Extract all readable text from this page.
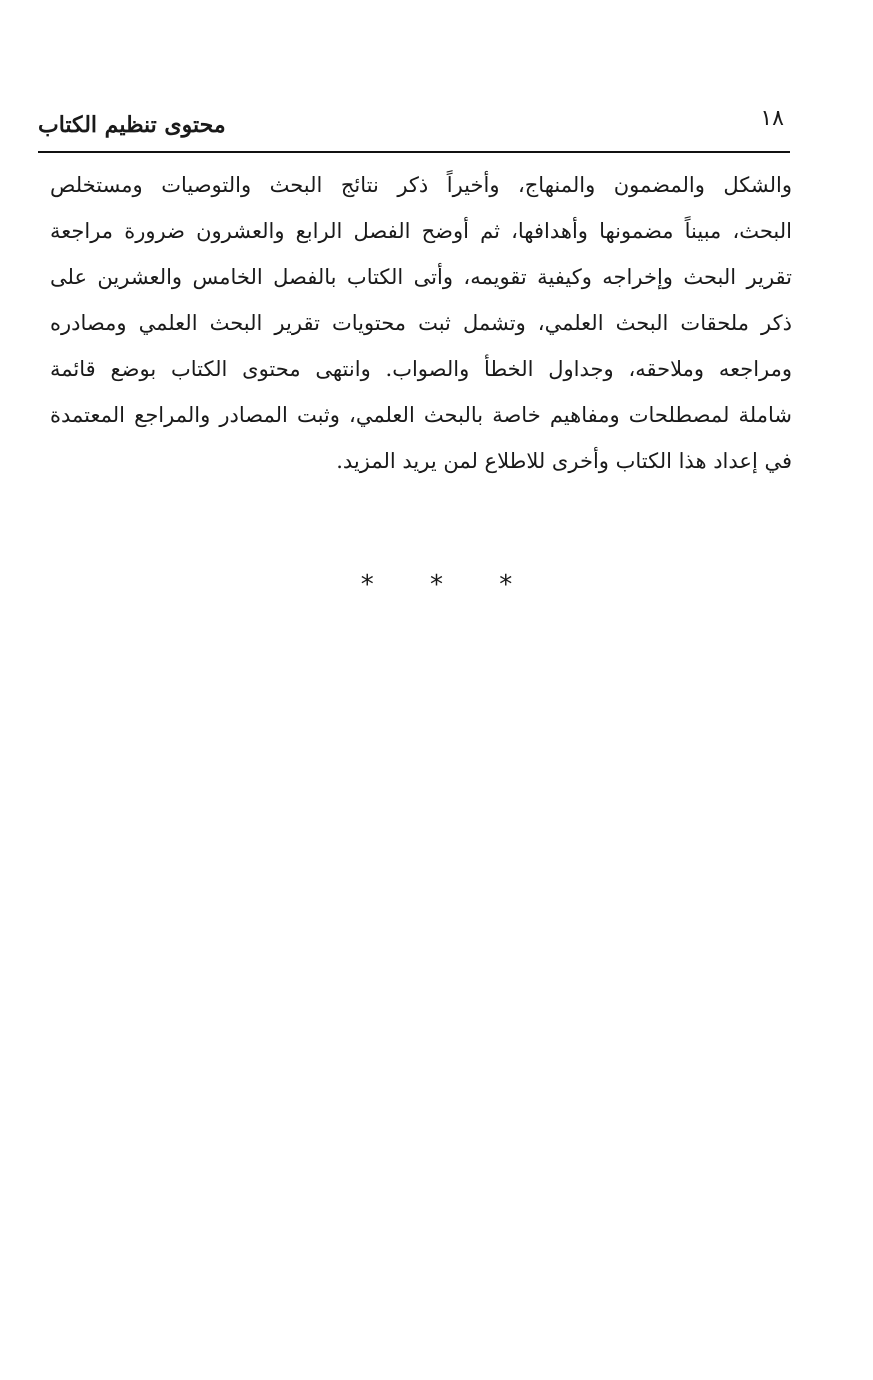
١٨
محتوى تنظيم الكتاب
والشكل والمضمون والمنهاج، وأخيراً ذكر نتائج البحث والتوصيات ومستخلص
البحث، مبيناً مضمونها وأهدافها، ثم أوضح الفصل الرابع والعشرون ضرورة مراجعة
تقرير البحث وإخراجه وكيفية تقويمه، وأتى الكتاب بالفصل الخامس والعشرين على
ذكر ملحقات البحث العلمي، وتشمل ثبت محتويات تقرير البحث العلمي ومصادره
ومراجعه وملاحقه، وجداول الخطأ والصواب. وانتهى محتوى الكتاب بوضع قائمة
شاملة لمصطلحات ومفاهيم خاصة بالبحث العلمي، وثبت المصادر والمراجع المعتمدة
في إعداد هذا الكتاب وأخرى للاطلاع لمن يريد المزيد.
* * *
